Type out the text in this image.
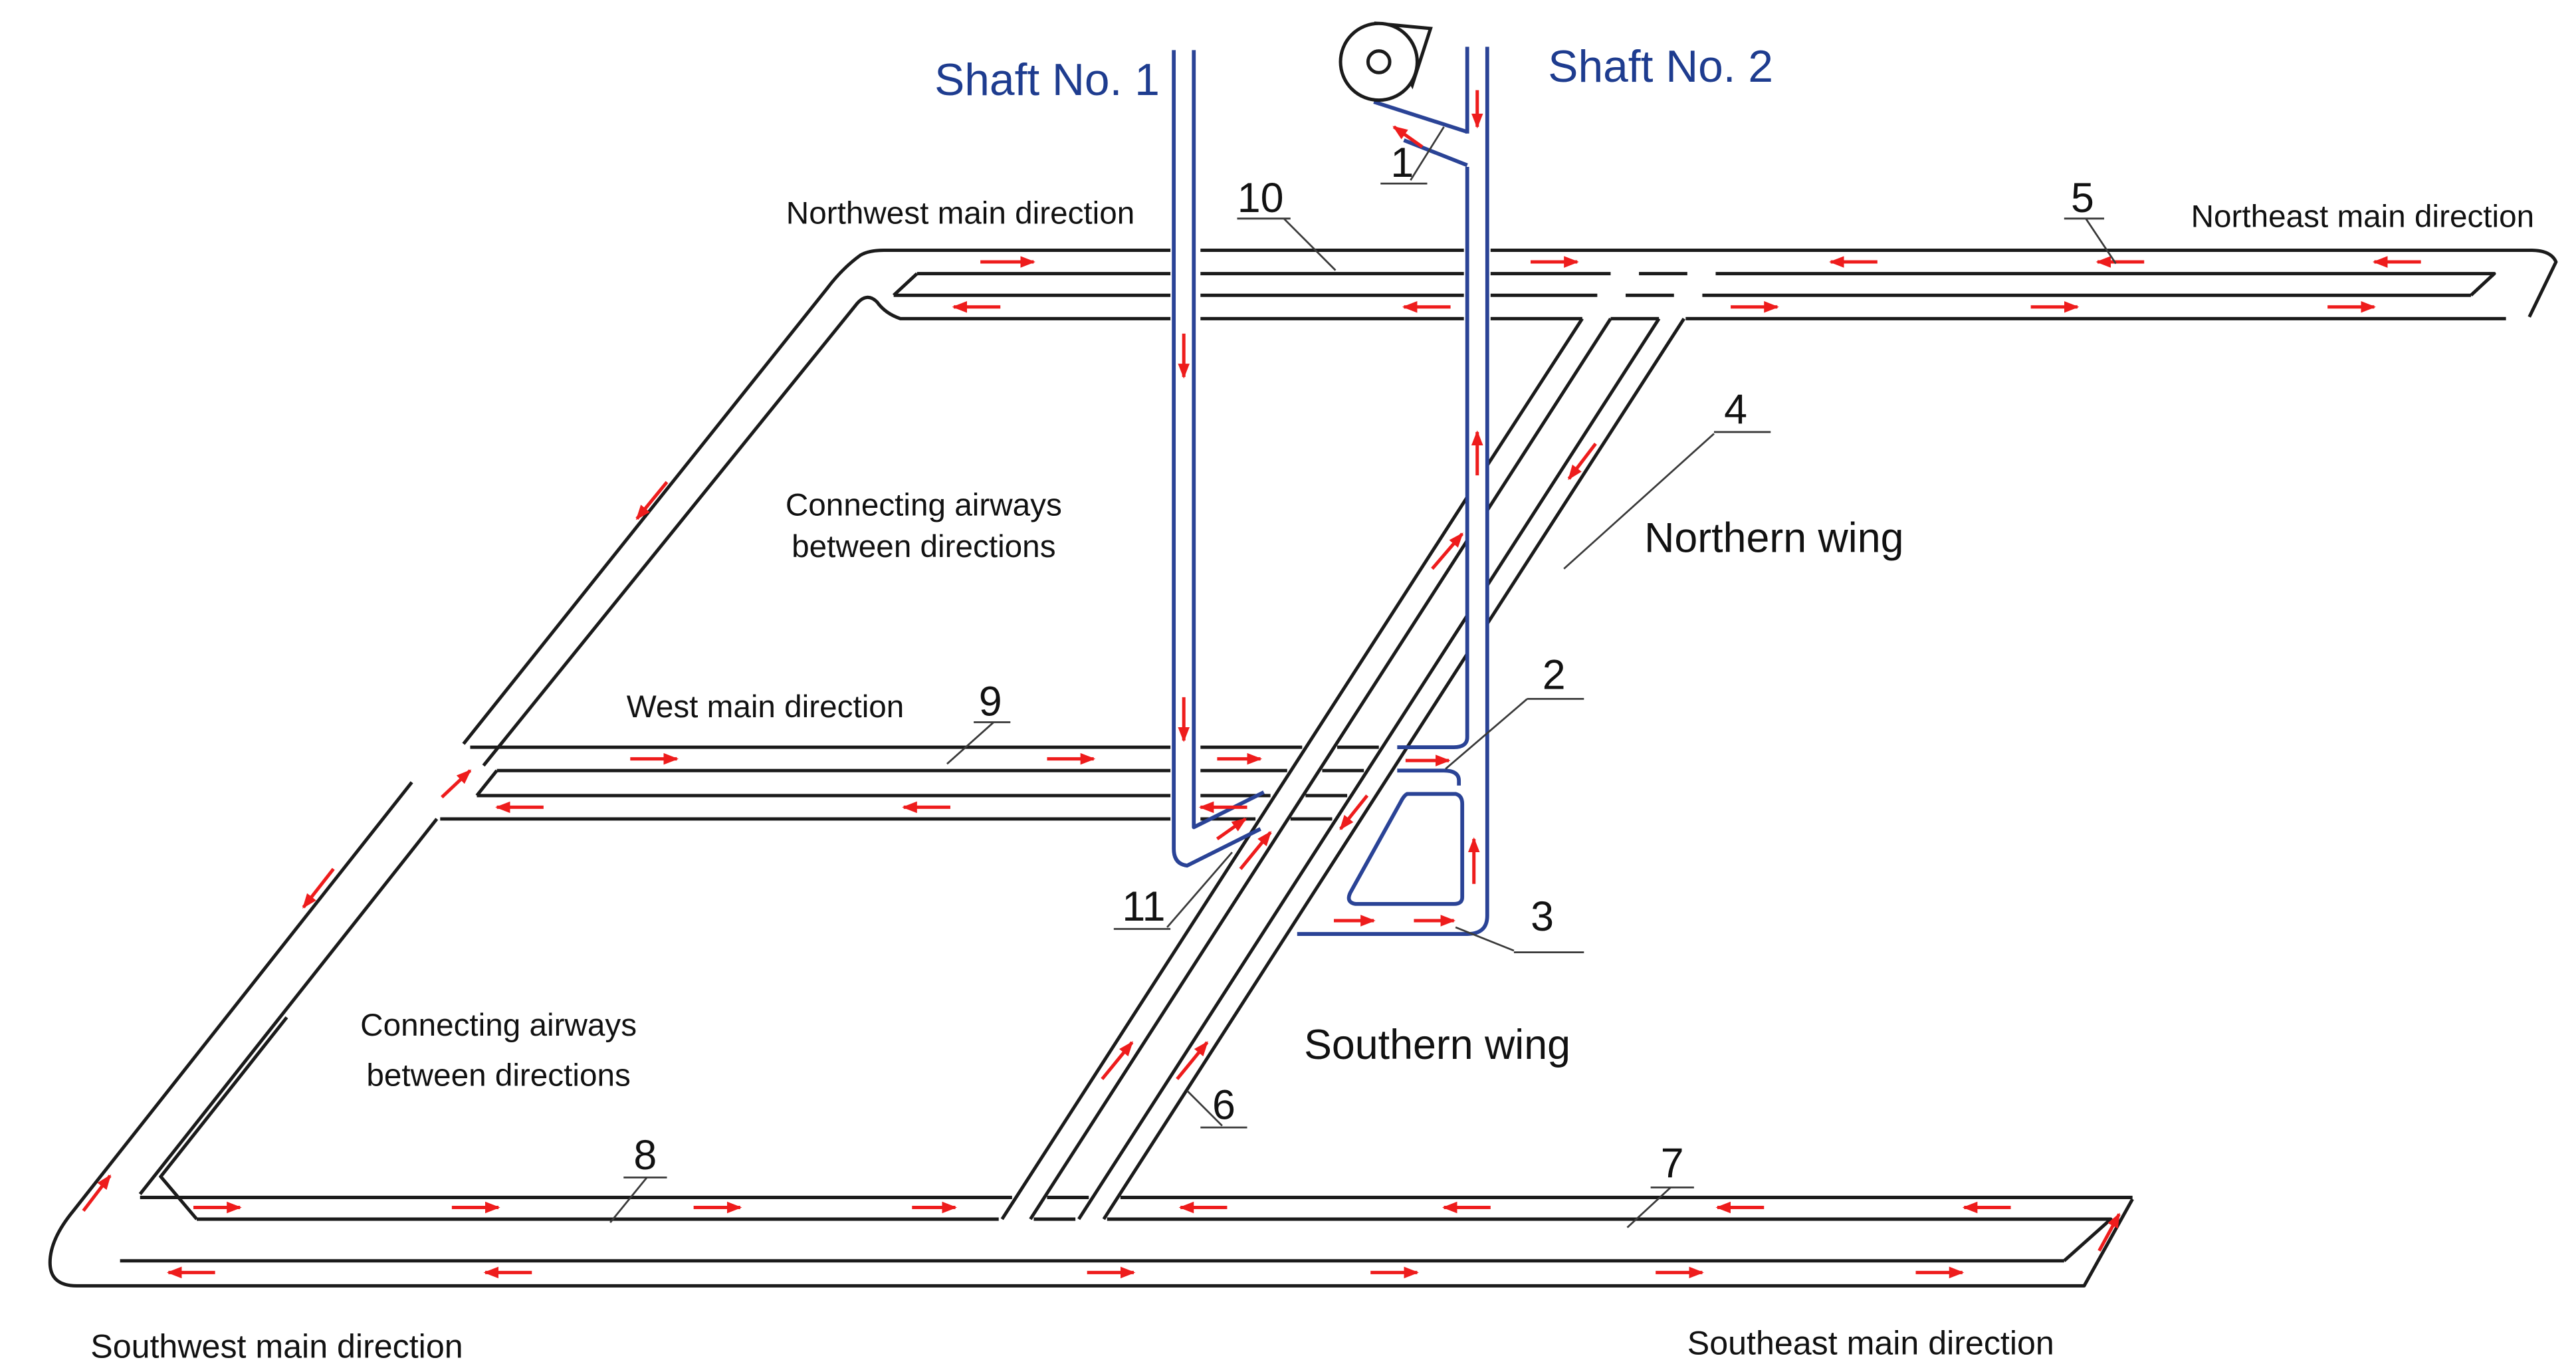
Shaft No. 1	Shaft No. 2
Northwest main direction	Northeast main direction
West main direction
Southwest main direction	Southeast main direction
Northern wing
Southern wing
Connecting airways
between directions
Connecting airways
between directions
1
2
3
4
5
6
7
8
9
10
11
